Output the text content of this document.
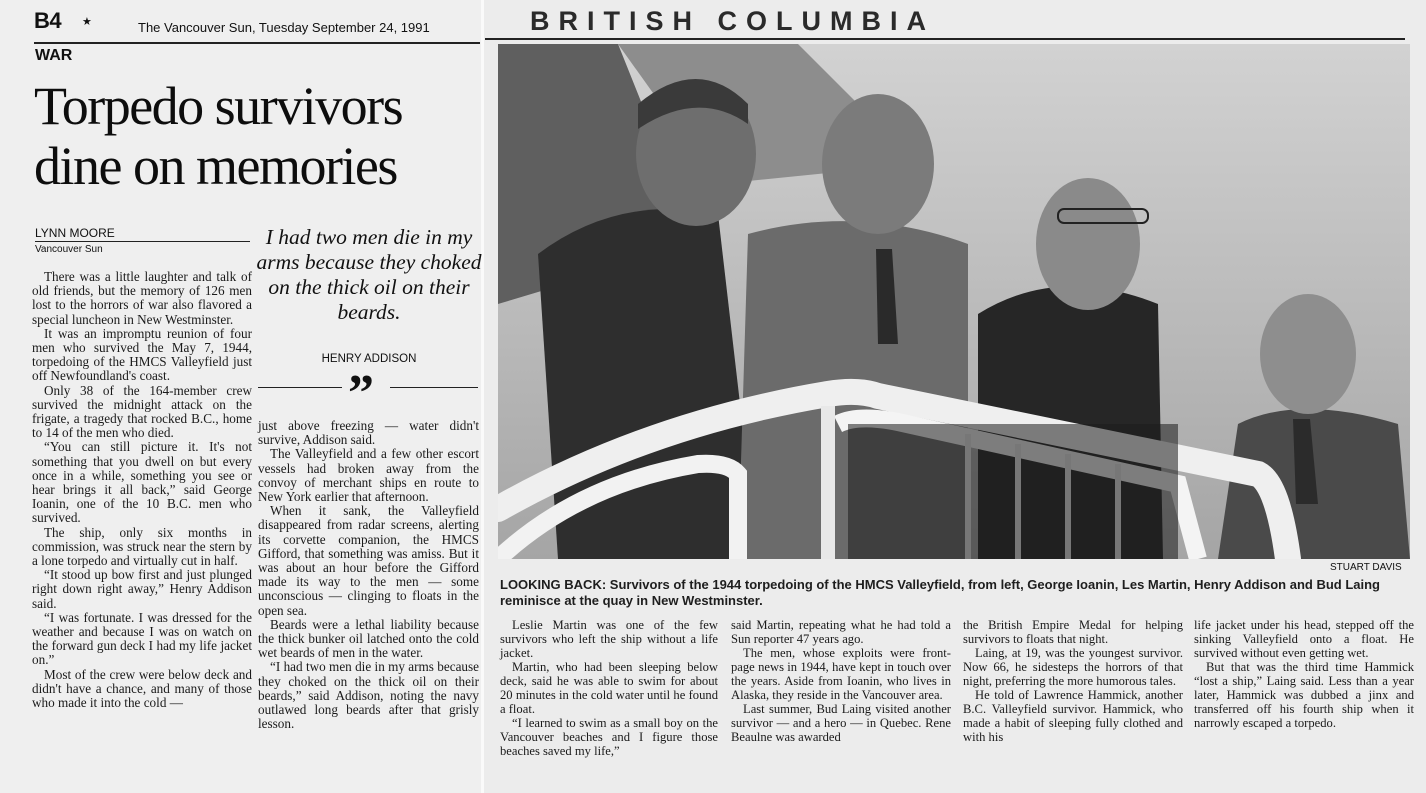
B4 ★	The Vancouver Sun, Tuesday September 24, 1991	BRITISH COLUMBIA
WAR
Torpedo survivors
dine on memories
LYNN MOORE
Vancouver Sun
I had two men die in my arms because they choked on the thick oil on their beards.
HENRY ADDISON
”

There was a little laughter and talk of old friends, but the memory of 126 men lost to the horrors of war also flavored a special luncheon in New Westminster.

It was an impromptu reunion of four men who survived the May 7, 1944, torpedoing of the HMCS Valleyfield just off Newfoundland's coast.

Only 38 of the 164-member crew survived the midnight attack on the frigate, a tragedy that rocked B.C., home to 14 of the men who died.

“You can still picture it. It's not something that you dwell on but every once in a while, something you see or hear brings it all back,” said George Ioanin, one of the 10 B.C. men who survived.

The ship, only six months in commission, was struck near the stern by a lone torpedo and virtually cut in half.

“It stood up bow first and just plunged right down right away,” Henry Addison said.

“I was fortunate. I was dressed for the weather and because I was on watch on the forward gun deck I had my life jacket on.”

Most of the crew were below deck and didn't have a chance, and many of those who made it into the cold —

just above freezing — water didn't survive, Addison said.

The Valleyfield and a few other escort vessels had broken away from the convoy of merchant ships en route to New York earlier that afternoon.

When it sank, the Valleyfield disappeared from radar screens, alerting its corvette companion, the HMCS Gifford, that something was amiss. But it was about an hour before the Gifford made its way to the men — some unconscious — clinging to floats in the open sea.

Beards were a lethal liability because the thick bunker oil latched onto the cold wet beards of men in the water.

“I had two men die in my arms because they choked on the thick oil on their beards,” said Addison, noting the navy outlawed long beards after that grisly lesson.

STUART DAVIS
LOOKING BACK: Survivors of the 1944 torpedoing of the HMCS Valleyfield, from left, George Ioanin, Les Martin, Henry Addison and Bud Laing reminisce at the quay in New Westminster.

Leslie Martin was one of the few survivors who left the ship without a life jacket.

Martin, who had been sleeping below deck, said he was able to swim for about 20 minutes in the cold water until he found a float.

“I learned to swim as a small boy on the Vancouver beaches and I figure those beaches saved my life,”

said Martin, repeating what he had told a Sun reporter 47 years ago.

The men, whose exploits were front-page news in 1944, have kept in touch over the years. Aside from Ioanin, who lives in Alaska, they reside in the Vancouver area.

Last summer, Bud Laing visited another survivor — and a hero — in Quebec. Rene Beaulne was awarded

the British Empire Medal for helping survivors to floats that night.

Laing, at 19, was the youngest survivor. Now 66, he sidesteps the horrors of that night, preferring the more humorous tales.

He told of Lawrence Hammick, another B.C. Valleyfield survivor. Hammick, who made a habit of sleeping fully clothed and with his

life jacket under his head, stepped off the sinking Valleyfield onto a float. He survived without even getting wet.

But that was the third time Hammick “lost a ship,” Laing said. Less than a year later, Hammick was dubbed a jinx and transferred off his fourth ship when it narrowly escaped a torpedo.
